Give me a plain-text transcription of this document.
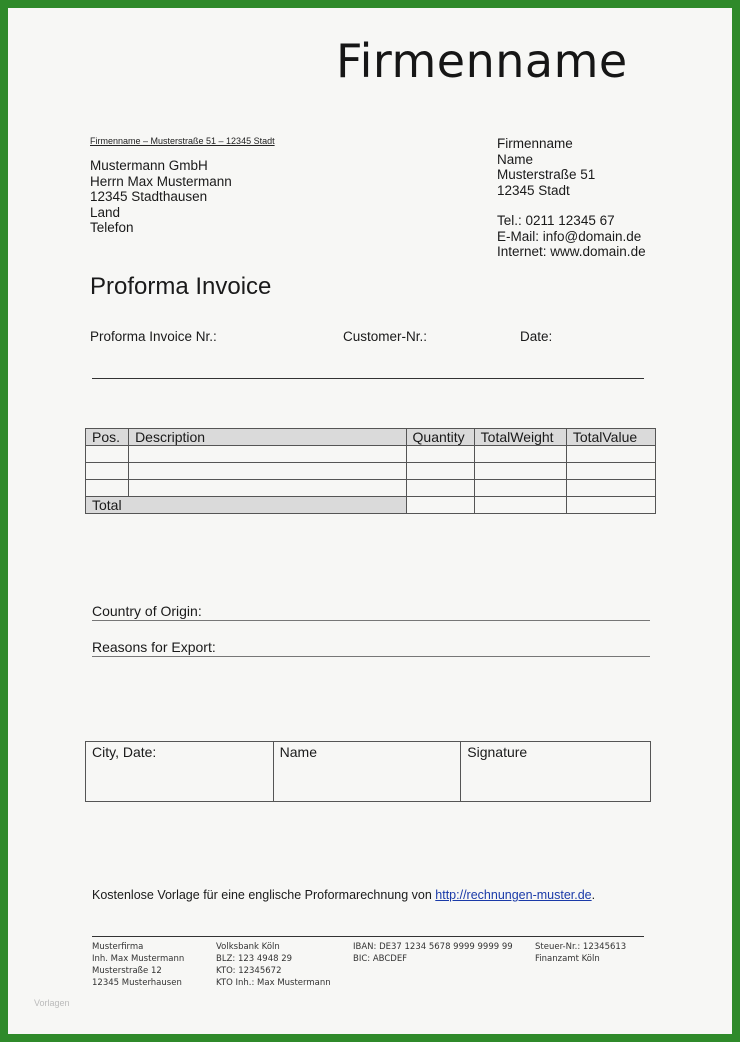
Firmenname
Firmenname – Musterstraße 51 – 12345 Stadt
Mustermann GmbH
Herrn Max Mustermann
12345 Stadthausen
Land
Telefon
Firmenname
Name
Musterstraße 51
12345 Stadt
Tel.: 0211 12345 67
E-Mail: info@domain.de
Internet: www.domain.de
Proforma Invoice
Proforma Invoice Nr.:	Customer-Nr.:	Date:
Pos.	Description	Quantity	TotalWeight	TotalValue

Total				
Country of Origin:
Reasons for Export:
City, Date:	Name	Signature
Kostenlose Vorlage für eine englische Proformarechnung von http://rechnungen-muster.de.
Musterfirma
Inh. Max Mustermann
Musterstraße 12
12345 Musterhausen
Volksbank Köln
BLZ: 123 4948 29
KTO: 12345672
KTO Inh.: Max Mustermann
IBAN: DE37 1234 5678 9999 9999 99
BIC: ABCDEF
Steuer-Nr.: 12345613
Finanzamt Köln
Vorlagen
